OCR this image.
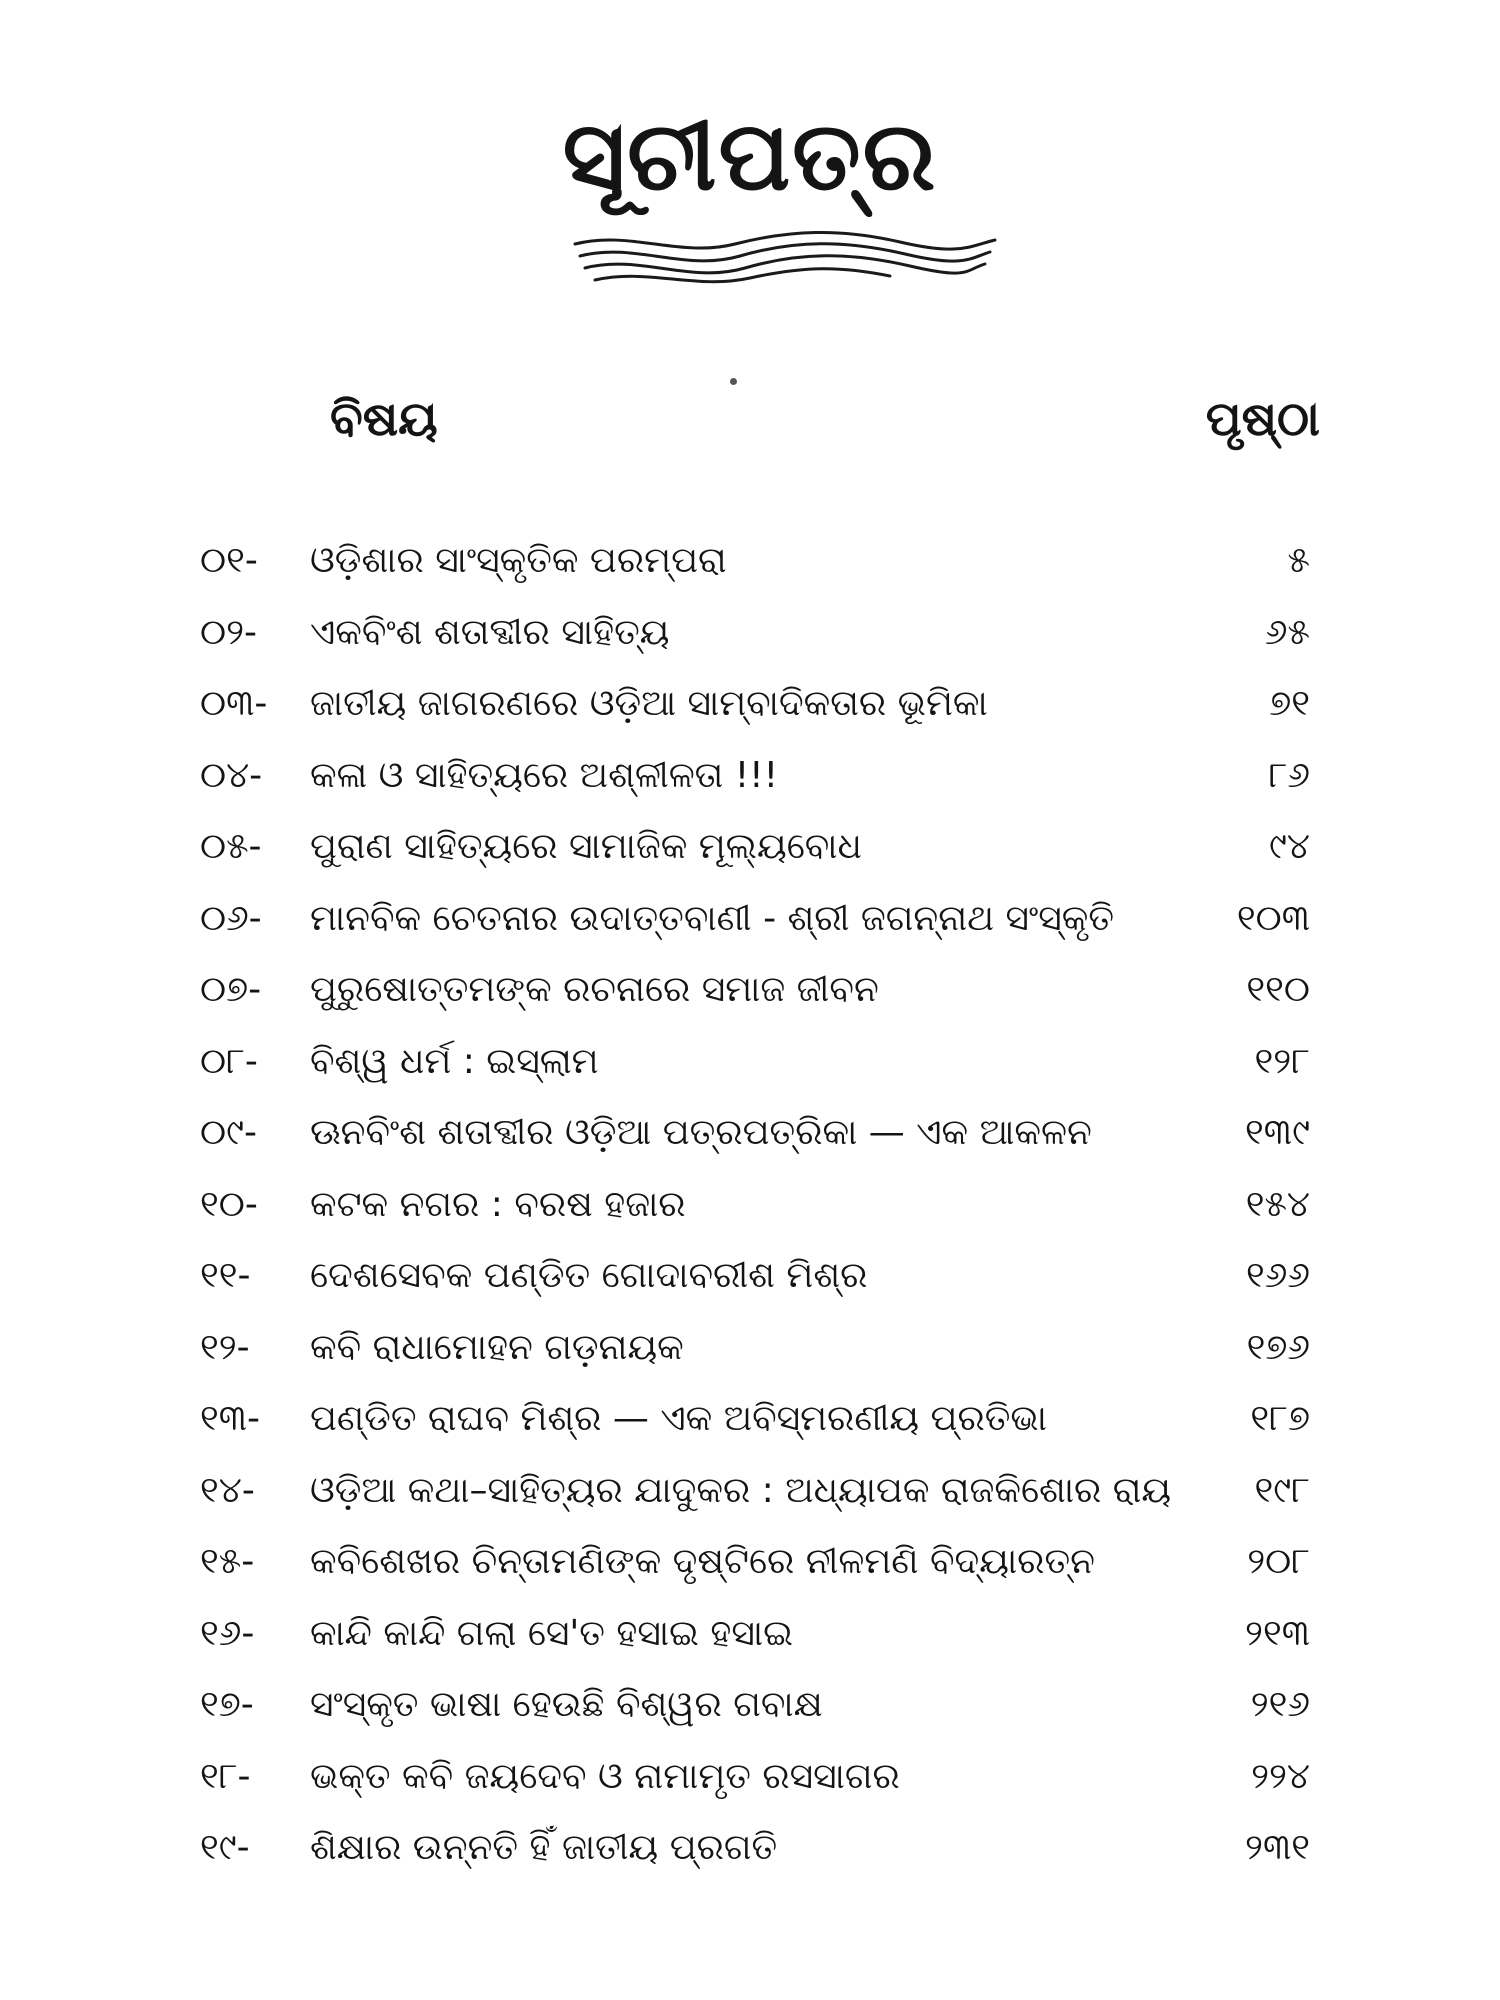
ସୂଚୀପତ୍ର
ବିଷୟ	ପୃଷ୍ଠା
୦୧-	ଓଡ଼ିଶାର ସାଂସ୍କୃତିକ ପରମ୍ପରା	୫
୦୨-	ଏକବିଂଶ ଶତାବ୍ଦୀର ସାହିତ୍ୟ	୬୫
୦୩-	ଜାତୀୟ ଜାଗରଣରେ ଓଡ଼ିଆ ସାମ୍ବାଦିକତାର ଭୂମିକା	୭୧
୦୪-	କଳା ଓ ସାହିତ୍ୟରେ ଅଶ୍ଳୀଳତା !!!	୮୬
୦୫-	ପୁରାଣ ସାହିତ୍ୟରେ ସାମାଜିକ ମୂଲ୍ୟବୋଧ	୯୪
୦୬-	ମାନବିକ ଚେତନାର ଉଦାତ୍ତବାଣୀ - ଶ୍ରୀ ଜଗନ୍ନାଥ ସଂସ୍କୃତି	୧୦୩
୦୭-	ପୁରୁଷୋତ୍ତମଙ୍କ ରଚନାରେ ସମାଜ ଜୀବନ	୧୧୦
୦୮-	ବିଶ୍ୱ ଧର୍ମ : ଇସ୍‌ଲାମ	୧୨୮
୦୯-	ଊନବିଂଶ ଶତାବ୍ଦୀର ଓଡ଼ିଆ ପତ୍ରପତ୍ରିକା — ଏକ ଆକଳନ	୧୩୯
୧୦-	କଟକ ନଗର : ବରଷ ହଜାର	୧୫୪
୧୧-	ଦେଶସେବକ ପଣ୍ଡିତ ଗୋଦାବରୀଶ ମିଶ୍ର	୧୬୬
୧୨-	କବି ରାଧାମୋହନ ଗଡ଼ନାୟକ	୧୭୬
୧୩-	ପଣ୍ଡିତ ରାଘବ ମିଶ୍ର — ଏକ ଅବିସ୍ମରଣୀୟ ପ୍ରତିଭା	୧୮୭
୧୪-	ଓଡ଼ିଆ କଥା–ସାହିତ୍ୟର ଯାଦୁକର : ଅଧ୍ୟାପକ ରାଜକିଶୋର ରାୟ	୧୯୮
୧୫-	କବିଶେଖର ଚିନ୍ତାମଣିଙ୍କ ଦୃଷ୍ଟିରେ ନୀଳମଣି ବିଦ୍ୟାରତ୍ନ	୨୦୮
୧୬-	କାନ୍ଦି କାନ୍ଦି ଗଲା ସେ'ତ ହସାଇ ହସାଇ	୨୧୩
୧୭-	ସଂସ୍କୃତ ଭାଷା ହେଉଛି ବିଶ୍ୱର ଗବାକ୍ଷ	୨୧୬
୧୮-	ଭକ୍ତ କବି ଜୟଦେବ ଓ ନାମାମୃତ ରସସାଗର	୨୨୪
୧୯-	ଶିକ୍ଷାର ଉନ୍ନତି ହିଁ ଜାତୀୟ ପ୍ରଗତି	୨୩୧
